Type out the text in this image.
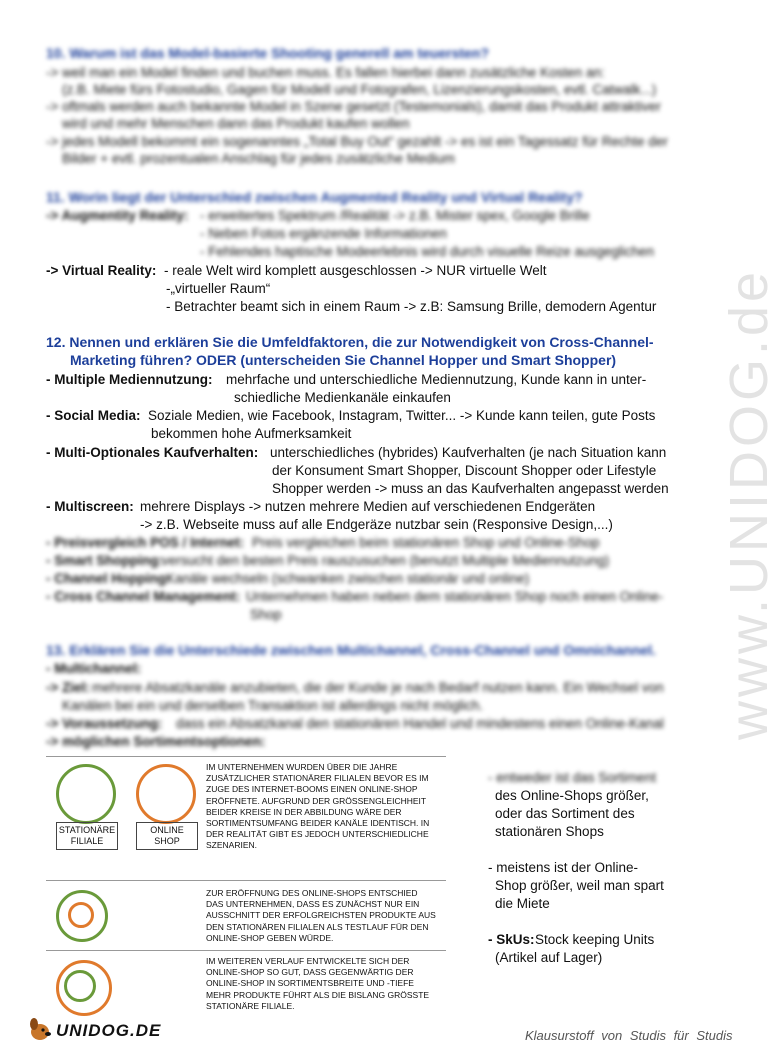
www.UNIDOG.de
10. Warum ist das Model-basierte Shooting generell am teuersten?
-> weil man ein Model finden und buchen muss. Es fallen hierbei dann zusätzliche Kosten an:
(z.B. Miete fürs Fotostudio, Gagen für Modell und Fotografen, Lizenzierungskosten, evtl. Catwalk...)
-> oftmals werden auch bekannte Model in Szene gesetzt (Testemonials), damit das Produkt attraktiver
wird und mehr Menschen dann das Produkt kaufen wollen
-> jedes Modell bekommt ein sogenanntes „Total Buy Out“ gezahlt -> es ist ein Tagessatz für Rechte der
Bilder + evtl. prozentualen Anschlag für jedes zusätzliche Medium
11. Worin liegt der Unterschied zwischen Augmented Reality und Virtual Reality?
-> Augmentity Reality: - erweitertes Spektrum /Realität -> z.B. Mister spex, Google Brille
- Neben Fotos ergänzende Informationen
- Fehlendes haptische Modeerlebnis wird durch visuelle Reize ausgeglichen
-> Virtual Reality: - reale Welt wird komplett ausgeschlossen -> NUR virtuelle Welt
-„virtueller Raum“
- Betrachter beamt sich in einem Raum -> z.B: Samsung Brille, demodern Agentur
12. Nennen und erklären Sie die Umfeldfaktoren, die zur Notwendigkeit von Cross-Channel-
Marketing führen? ODER (unterscheiden Sie Channel Hopper und Smart Shopper)
- Multiple Mediennutzung: mehrfache und unterschiedliche Mediennutzung, Kunde kann in unter-
schiedliche Medienkanäle einkaufen
- Social Media: Soziale Medien, wie Facebook, Instagram, Twitter... -> Kunde kann teilen, gute Posts
bekommen hohe Aufmerksamkeit
- Multi-Optionales Kaufverhalten: unterschiedliches (hybrides) Kaufverhalten (je nach Situation kann
der Konsument Smart Shopper, Discount Shopper oder Lifestyle
Shopper werden -> muss an das Kaufverhalten angepasst werden
- Multiscreen: mehrere Displays -> nutzen mehrere Medien auf verschiedenen Endgeräten
-> z.B. Webseite muss auf alle Endgeräze nutzbar sein (Responsive Design,...)
- Preisvergleich POS / Internet: Preis vergleichen beim stationären Shop und Online-Shop
- Smart Shopping: versucht den besten Preis rauszusuchen (benutzt Multiple Mediennutzung)
- Channel Hopping:
Kanäle wechseln (schwanken zwischen stationär und online)
- Cross Channel Management: Unternehmen haben neben dem stationären Shop noch einen Online-
Shop
13. Erklären Sie die Unterschiede zwischen Multichannel, Cross-Channel und Omnichannel.
- Multichannel:
-> Ziel: mehrere Absatzkanäle anzubieten, die der Kunde je nach Bedarf nutzen kann. Ein Wechsel von
Kanälen bei ein und derselben Transaktion ist allerdings nicht möglich.
-> Voraussetzung: dass ein Absatzkanal den stationären Handel und mindestens einen Online-Kanal
-> möglichen Sortimentsoptionen:
STATIONÄRE FILIALE
ONLINE SHOP
IM UNTERNEHMEN WURDEN ÜBER DIE JAHRE ZUSÄTZLICHER STATIONÄRER FILIALEN BEVOR ES IM ZUGE DES INTERNET-BOOMS EINEN ONLINE-SHOP ERÖFFNETE. AUFGRUND DER GRÖSSENGLEICHHEIT BEIDER KREISE IN DER ABBILDUNG WÄRE DER SORTIMENTSUMFANG BEIDER KANÄLE IDENTISCH. IN DER REALITÄT GIBT ES JEDOCH UNTERSCHIEDLICHE SZENARIEN.
ZUR ERÖFFNUNG DES ONLINE-SHOPS ENTSCHIED DAS UNTERNEHMEN, DASS ES ZUNÄCHST NUR EIN AUSSCHNITT DER ERFOLGREICHSTEN PRODUKTE AUS DEN STATIONÄREN FILIALEN ALS TESTLAUF FÜR DEN ONLINE-SHOP GEBEN WÜRDE.
IM WEITEREN VERLAUF ENTWICKELTE SICH DER ONLINE-SHOP SO GUT, DASS GEGENWÄRTIG DER ONLINE-SHOP IN SORTIMENTSBREITE UND -TIEFE MEHR PRODUKTE FÜHRT ALS DIE BISLANG GRÖSSTE STATIONÄRE FILIALE.
- entweder ist das Sortiment
des Online-Shops größer,
oder das Sortiment des
stationären Shops
- meistens ist der Online-
Shop größer, weil man spart
die Miete
- SkUs: Stock keeping Units
(Artikel auf Lager)
UNIDOG.DE	Klausurstoff von Studis für Studis
